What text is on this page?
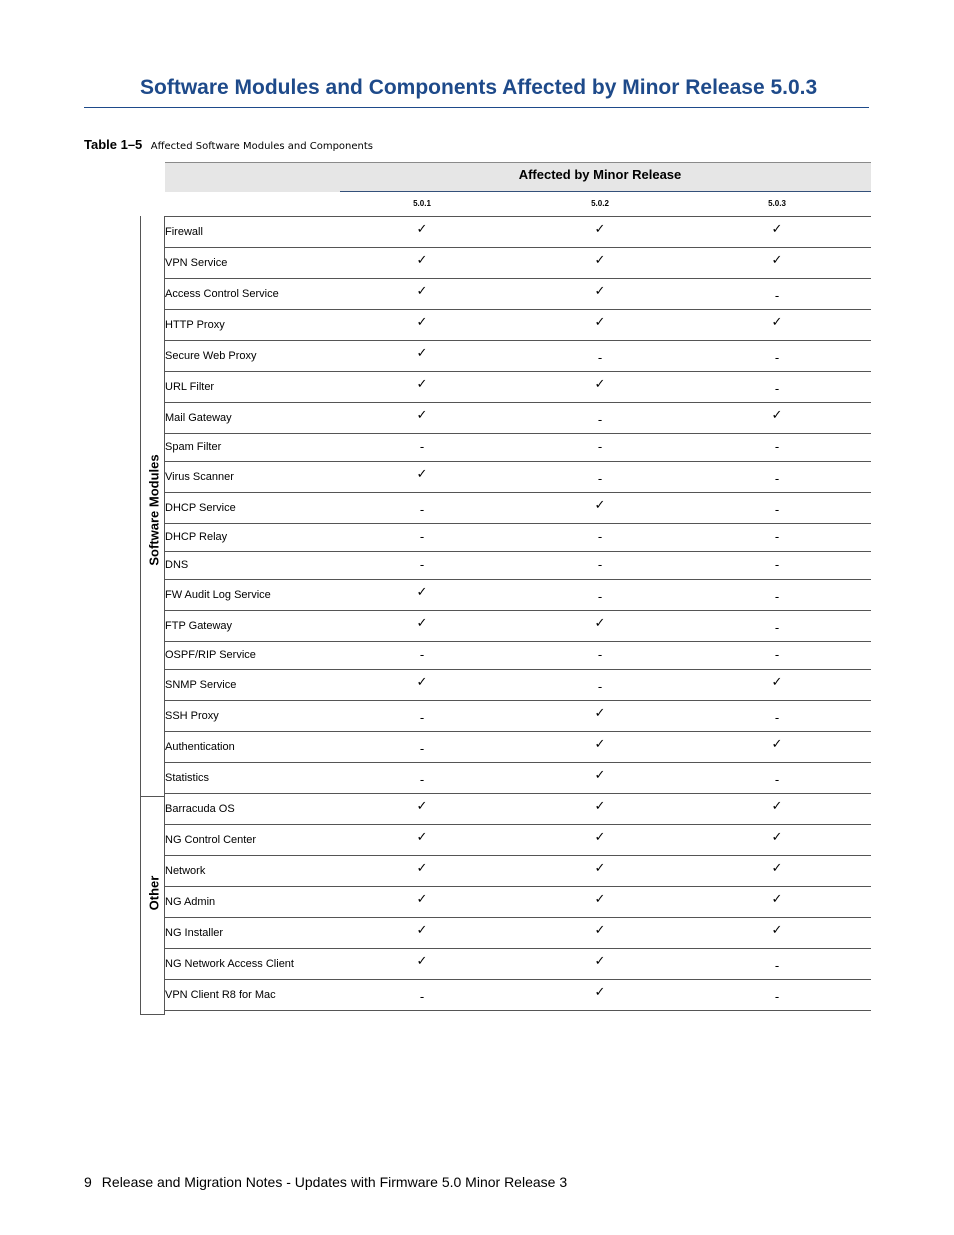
Software Modules and Components Affected by Minor Release 5.0.3
Table 1–5 Affected Software Modules and Components
Affected by Minor Release
5.0.1	5.0.2	5.0.3
Firewall	✓	✓	✓
VPN Service	✓	✓	✓
Access Control Service	✓	✓	-
HTTP Proxy	✓	✓	✓
Secure Web Proxy	✓	-	-
URL Filter	✓	✓	-
Mail Gateway	✓	-	✓
Spam Filter	-	-	-
Virus Scanner	✓	-	-
DHCP Service	-	✓	-
DHCP Relay	-	-	-
DNS	-	-	-
FW Audit Log Service	✓	-	-
FTP Gateway	✓	✓	-
OSPF/RIP Service	-	-	-
SNMP Service	✓	-	✓
SSH Proxy	-	✓	-
Authentication	-	✓	✓
Statistics	-	✓	-
Barracuda OS	✓	✓	✓
NG Control Center	✓	✓	✓
Network	✓	✓	✓
NG Admin	✓	✓	✓
NG Installer	✓	✓	✓
NG Network Access Client	✓	✓	-
VPN Client R8 for Mac	-	✓	-
Software Modules
Other
9 Release and Migration Notes - Updates with Firmware 5.0 Minor Release 3
